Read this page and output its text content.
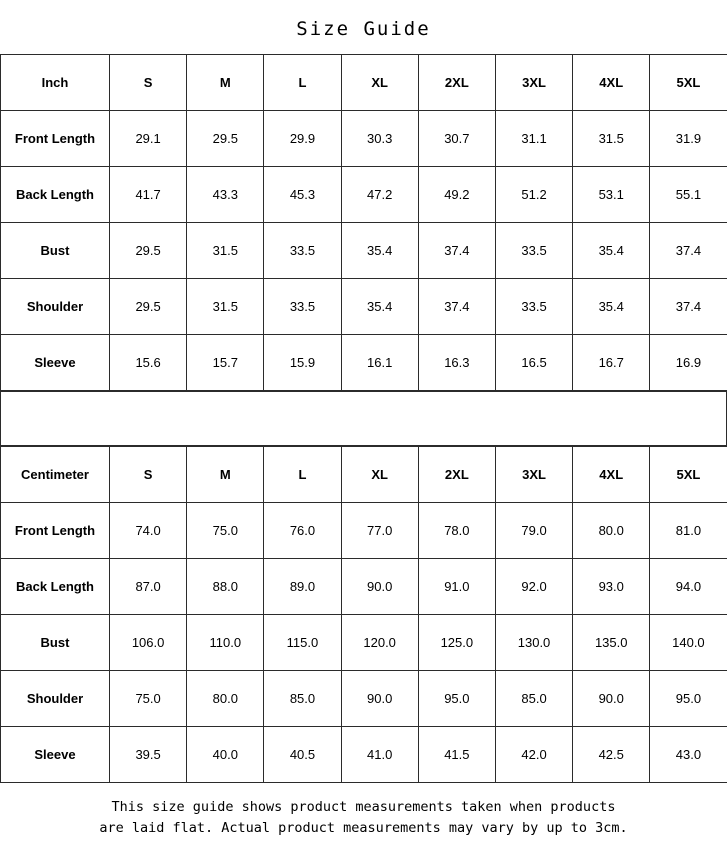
Size Guide
Inch	S	M	L	XL	2XL	3XL	4XL	5XL
Front Length	29.1	29.5	29.9	30.3	30.7	31.1	31.5	31.9
Back Length	41.7	43.3	45.3	47.2	49.2	51.2	53.1	55.1
Bust	29.5	31.5	33.5	35.4	37.4	33.5	35.4	37.4
Shoulder	29.5	31.5	33.5	35.4	37.4	33.5	35.4	37.4
Sleeve	15.6	15.7	15.9	16.1	16.3	16.5	16.7	16.9
Centimeter	S	M	L	XL	2XL	3XL	4XL	5XL
Front Length	74.0	75.0	76.0	77.0	78.0	79.0	80.0	81.0
Back Length	87.0	88.0	89.0	90.0	91.0	92.0	93.0	94.0
Bust	106.0	110.0	115.0	120.0	125.0	130.0	135.0	140.0
Shoulder	75.0	80.0	85.0	90.0	95.0	85.0	90.0	95.0
Sleeve	39.5	40.0	40.5	41.0	41.5	42.0	42.5	43.0
This size guide shows product measurements taken when products
are laid flat. Actual product measurements may vary by up to 3cm.
